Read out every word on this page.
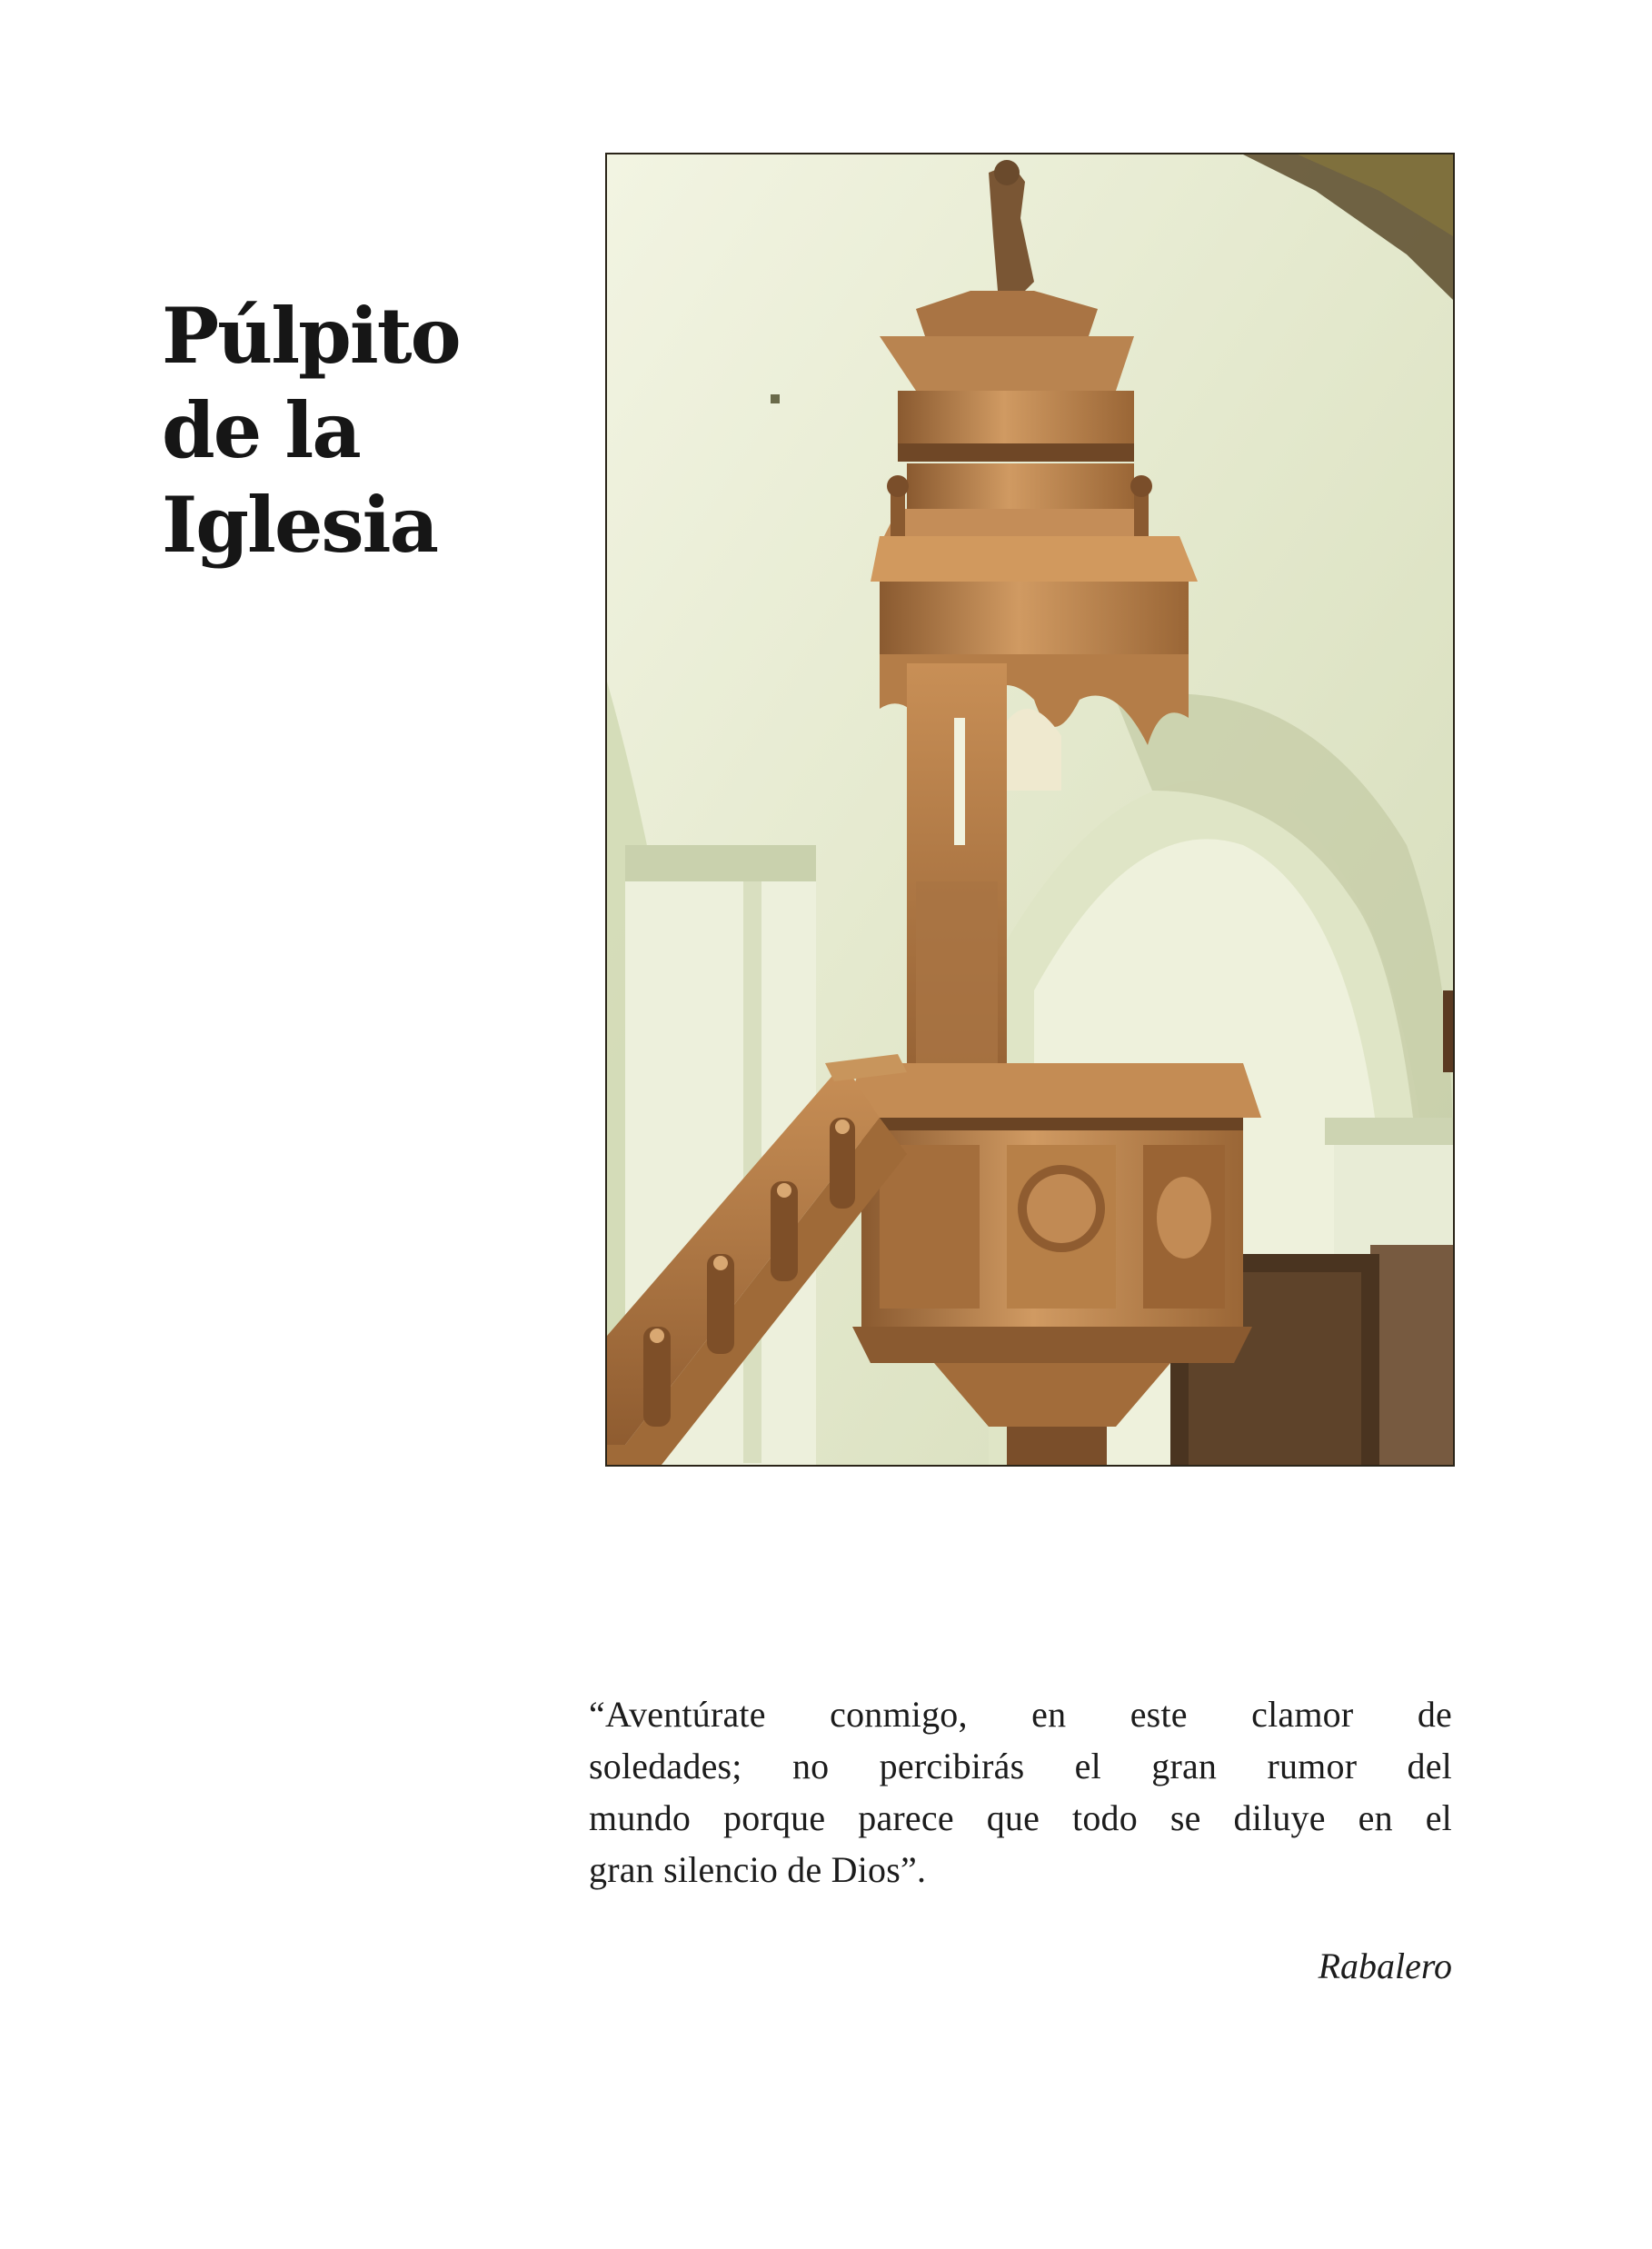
Púlpito
de la
Iglesia

“Aventúrate conmigo, en este clamor de
soledades; no percibirás el gran rumor del
mundo porque parece que todo se diluye en el
gran silencio de Dios”.

Rabalero
